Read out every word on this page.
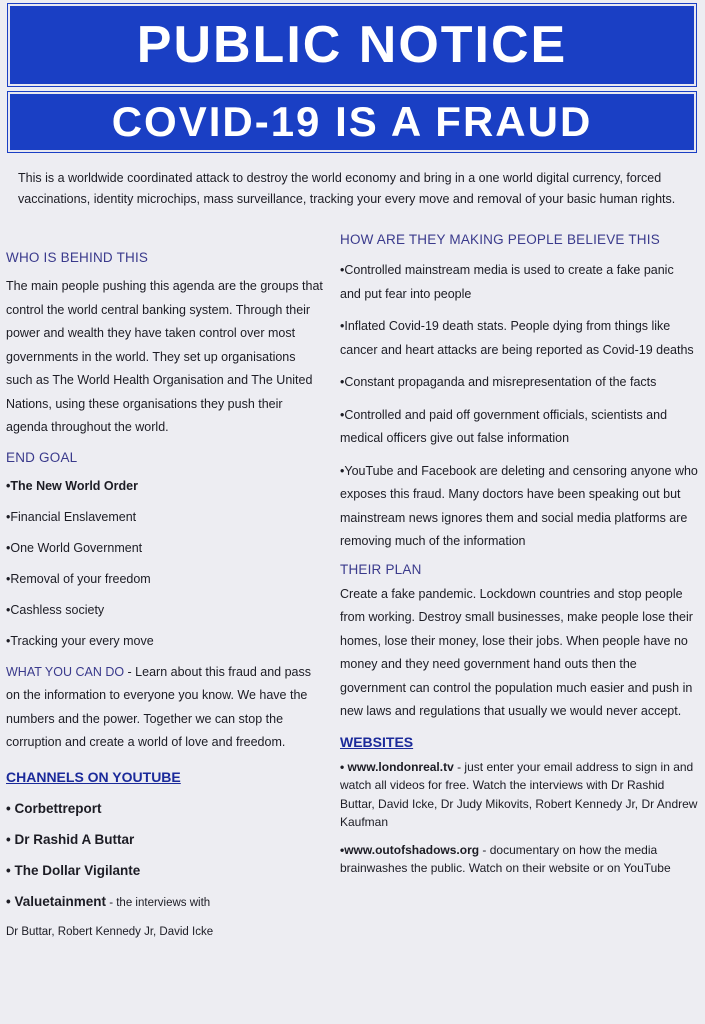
PUBLIC NOTICE
COVID-19 IS A FRAUD
This is a worldwide coordinated attack to destroy the world economy and bring in a one world digital currency, forced vaccinations, identity microchips, mass surveillance, tracking your every move and removal of your basic human rights.
WHO IS BEHIND THIS
The main people pushing this agenda are the groups that control the world central banking system. Through their power and wealth they have taken control over most governments in the world. They set up organisations such as The World Health Organisation and The United Nations, using these organisations they push their agenda throughout the world.
END GOAL
•The New World Order
•Financial Enslavement
•One World Government
•Removal of your freedom
•Cashless society
•Tracking your every move
WHAT YOU CAN DO - Learn about this fraud and pass on the information to everyone you know. We have the numbers and the power. Together we can stop the corruption and create a world of love and freedom.
CHANNELS ON YOUTUBE
• Corbettreport
• Dr Rashid A Buttar
• The Dollar Vigilante
• Valuetainment - the interviews with
Dr Buttar, Robert Kennedy Jr, David Icke
HOW ARE THEY MAKING PEOPLE BELIEVE THIS
•Controlled mainstream media is used to create a fake panic and put fear into people
•Inflated Covid-19 death stats. People dying from things like cancer and heart attacks are being reported as Covid-19 deaths
•Constant propaganda and misrepresentation of the facts
•Controlled and paid off government officials, scientists and medical officers give out false information
•YouTube and Facebook are deleting and censoring anyone who exposes this fraud. Many doctors have been speaking out but mainstream news ignores them and social media platforms are removing much of the information
THEIR PLAN
Create a fake pandemic. Lockdown countries and stop people from working. Destroy small businesses, make people lose their homes, lose their money, lose their jobs. When people have no money and they need government hand outs then the government can control the population much easier and push in new laws and regulations that usually we would never accept.
WEBSITES
• www.londonreal.tv - just enter your email address to sign in and watch all videos for free. Watch the interviews with Dr Rashid Buttar, David Icke, Dr Judy Mikovits, Robert Kennedy Jr, Dr Andrew Kaufman
•www.outofshadows.org - documentary on how the media brainwashes the public. Watch on their website or on YouTube
